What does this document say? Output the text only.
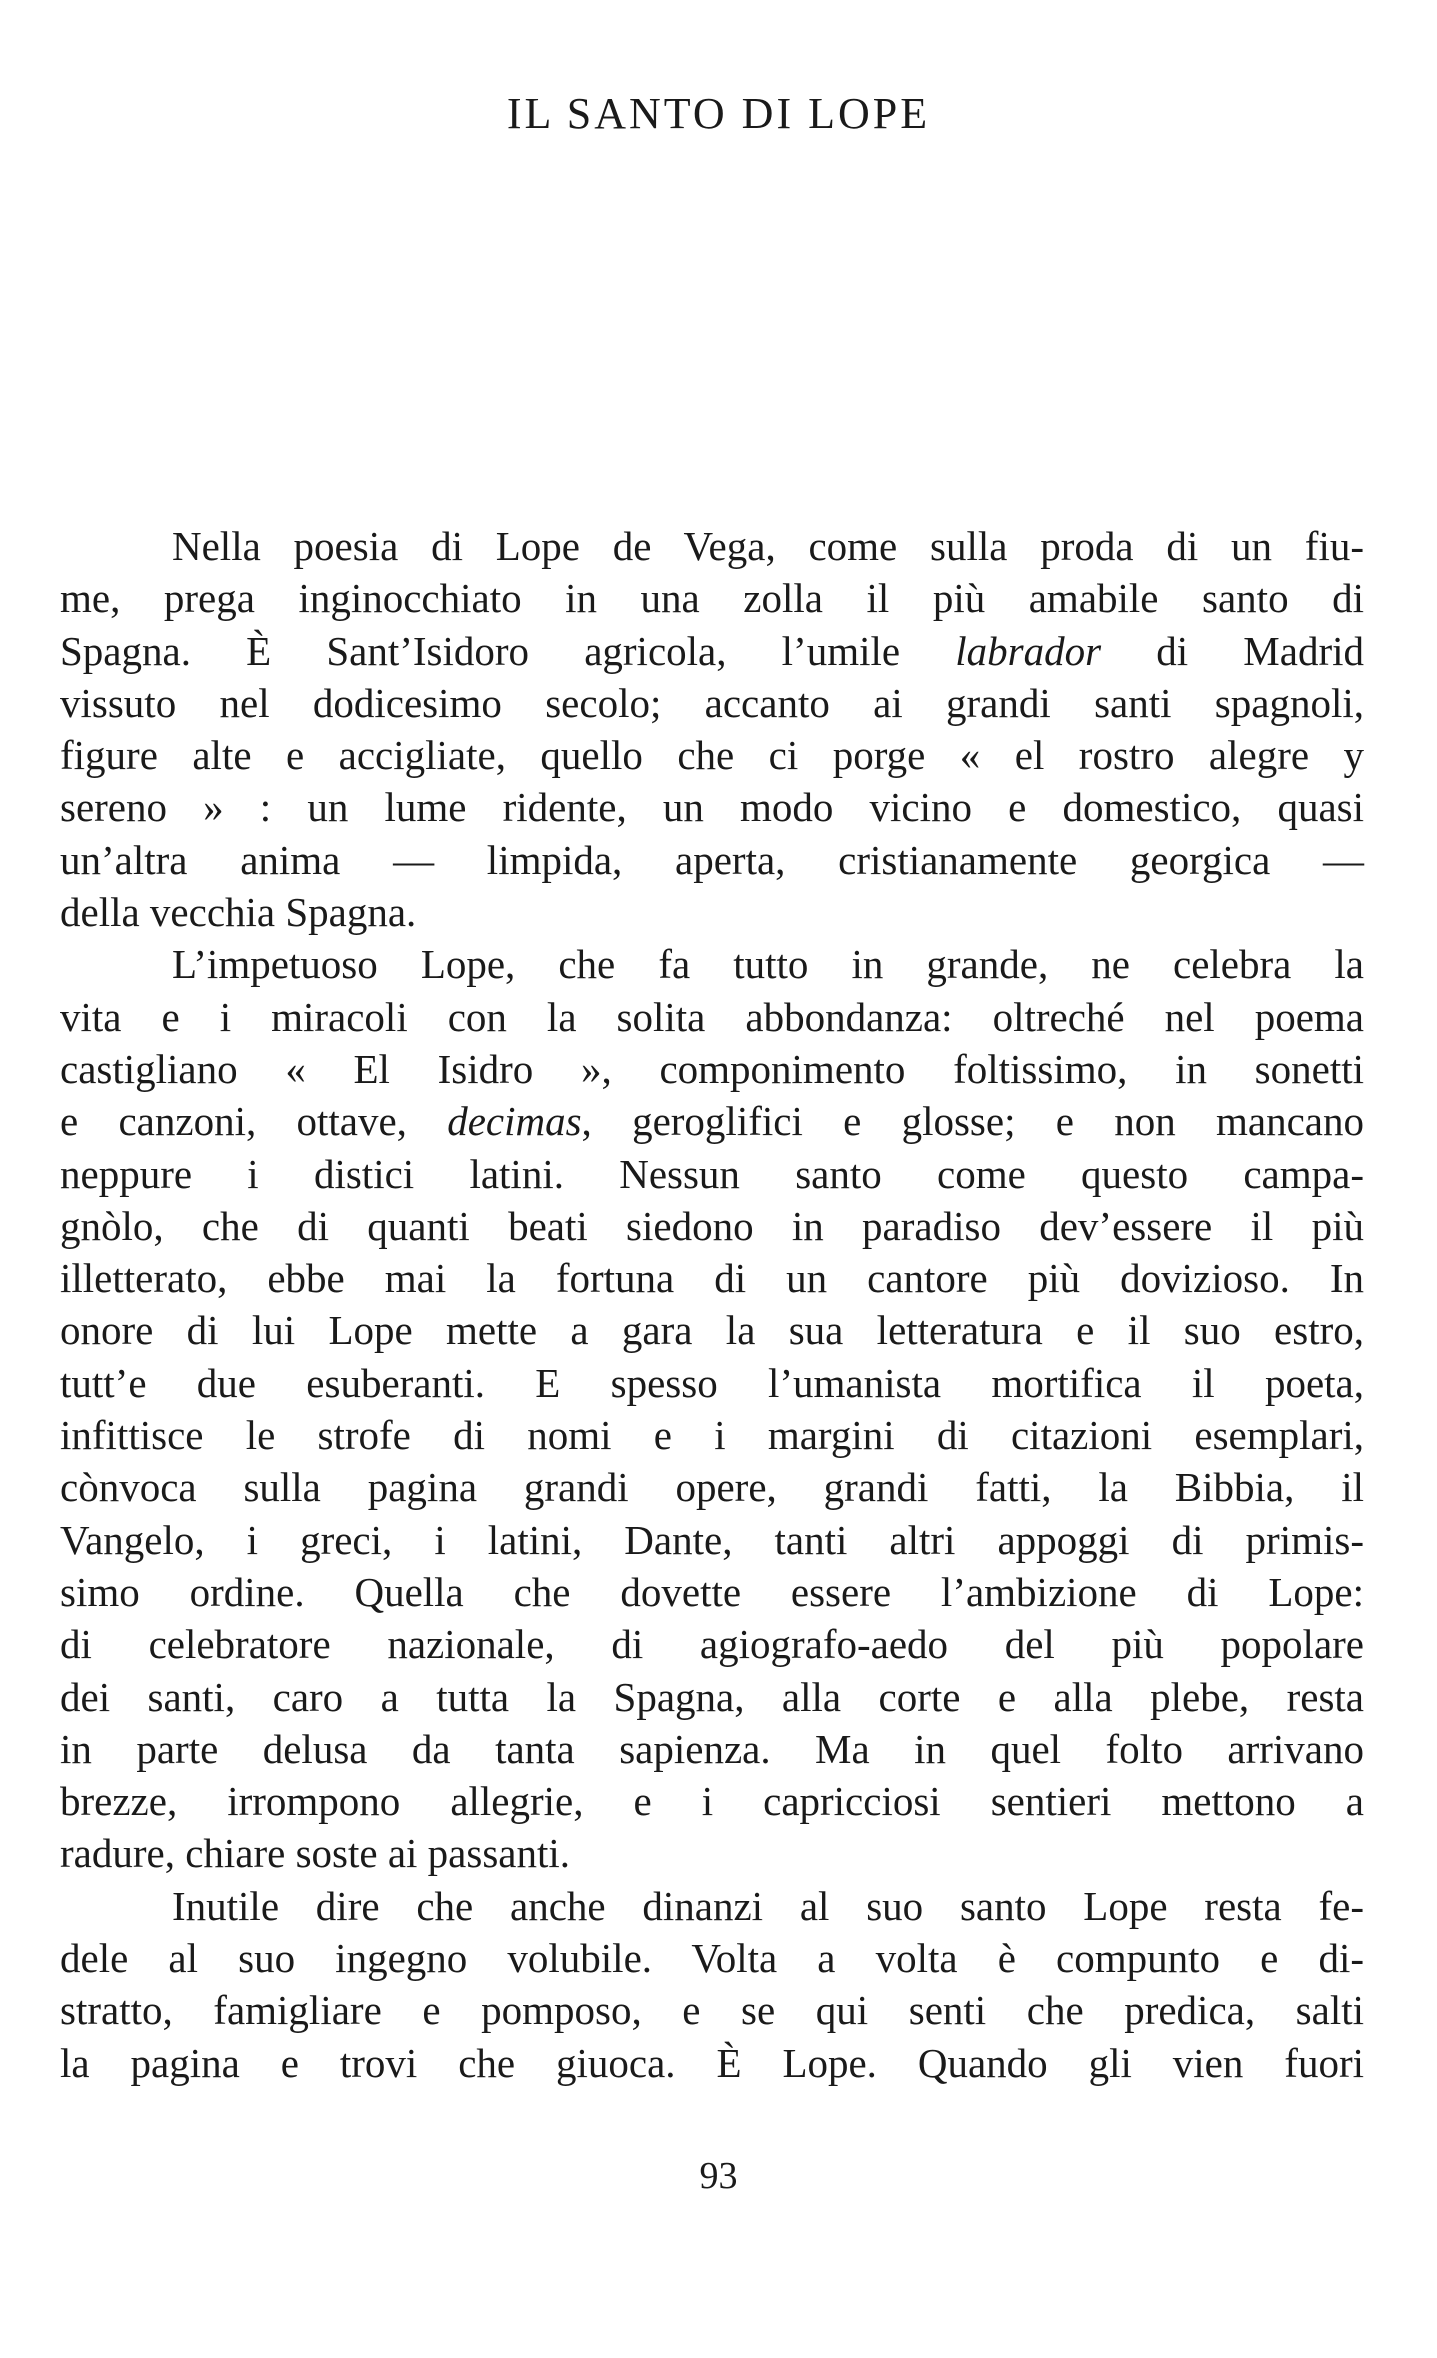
IL SANTO DI LOPE
Nella poesia di Lope de Vega, come sulla proda di un fiu-
me, prega inginocchiato in una zolla il più amabile santo di
Spagna. È Sant’Isidoro agricola, l’umile labrador di Madrid
vissuto nel dodicesimo secolo; accanto ai grandi santi spagnoli,
figure alte e accigliate, quello che ci porge « el rostro alegre y
sereno » : un lume ridente, un modo vicino e domestico, quasi
un’altra anima — limpida, aperta, cristianamente georgica —
della vecchia Spagna.
L’impetuoso Lope, che fa tutto in grande, ne celebra la
vita e i miracoli con la solita abbondanza: oltreché nel poema
castigliano « El Isidro », componimento foltissimo, in sonetti
e canzoni, ottave, decimas, geroglifici e glosse; e non mancano
neppure i distici latini. Nessun santo come questo campa-
gnòlo, che di quanti beati siedono in paradiso dev’essere il più
illetterato, ebbe mai la fortuna di un cantore più dovizioso. In
onore di lui Lope mette a gara la sua letteratura e il suo estro,
tutt’e due esuberanti. E spesso l’umanista mortifica il poeta,
infittisce le strofe di nomi e i margini di citazioni esemplari,
cònvoca sulla pagina grandi opere, grandi fatti, la Bibbia, il
Vangelo, i greci, i latini, Dante, tanti altri appoggi di primis-
simo ordine. Quella che dovette essere l’ambizione di Lope:
di celebratore nazionale, di agiografo-aedo del più popolare
dei santi, caro a tutta la Spagna, alla corte e alla plebe, resta
in parte delusa da tanta sapienza. Ma in quel folto arrivano
brezze, irrompono allegrie, e i capricciosi sentieri mettono a
radure, chiare soste ai passanti.
Inutile dire che anche dinanzi al suo santo Lope resta fe-
dele al suo ingegno volubile. Volta a volta è compunto e di-
stratto, famigliare e pomposo, e se qui senti che predica, salti
la pagina e trovi che giuoca. È Lope. Quando gli vien fuori
93
